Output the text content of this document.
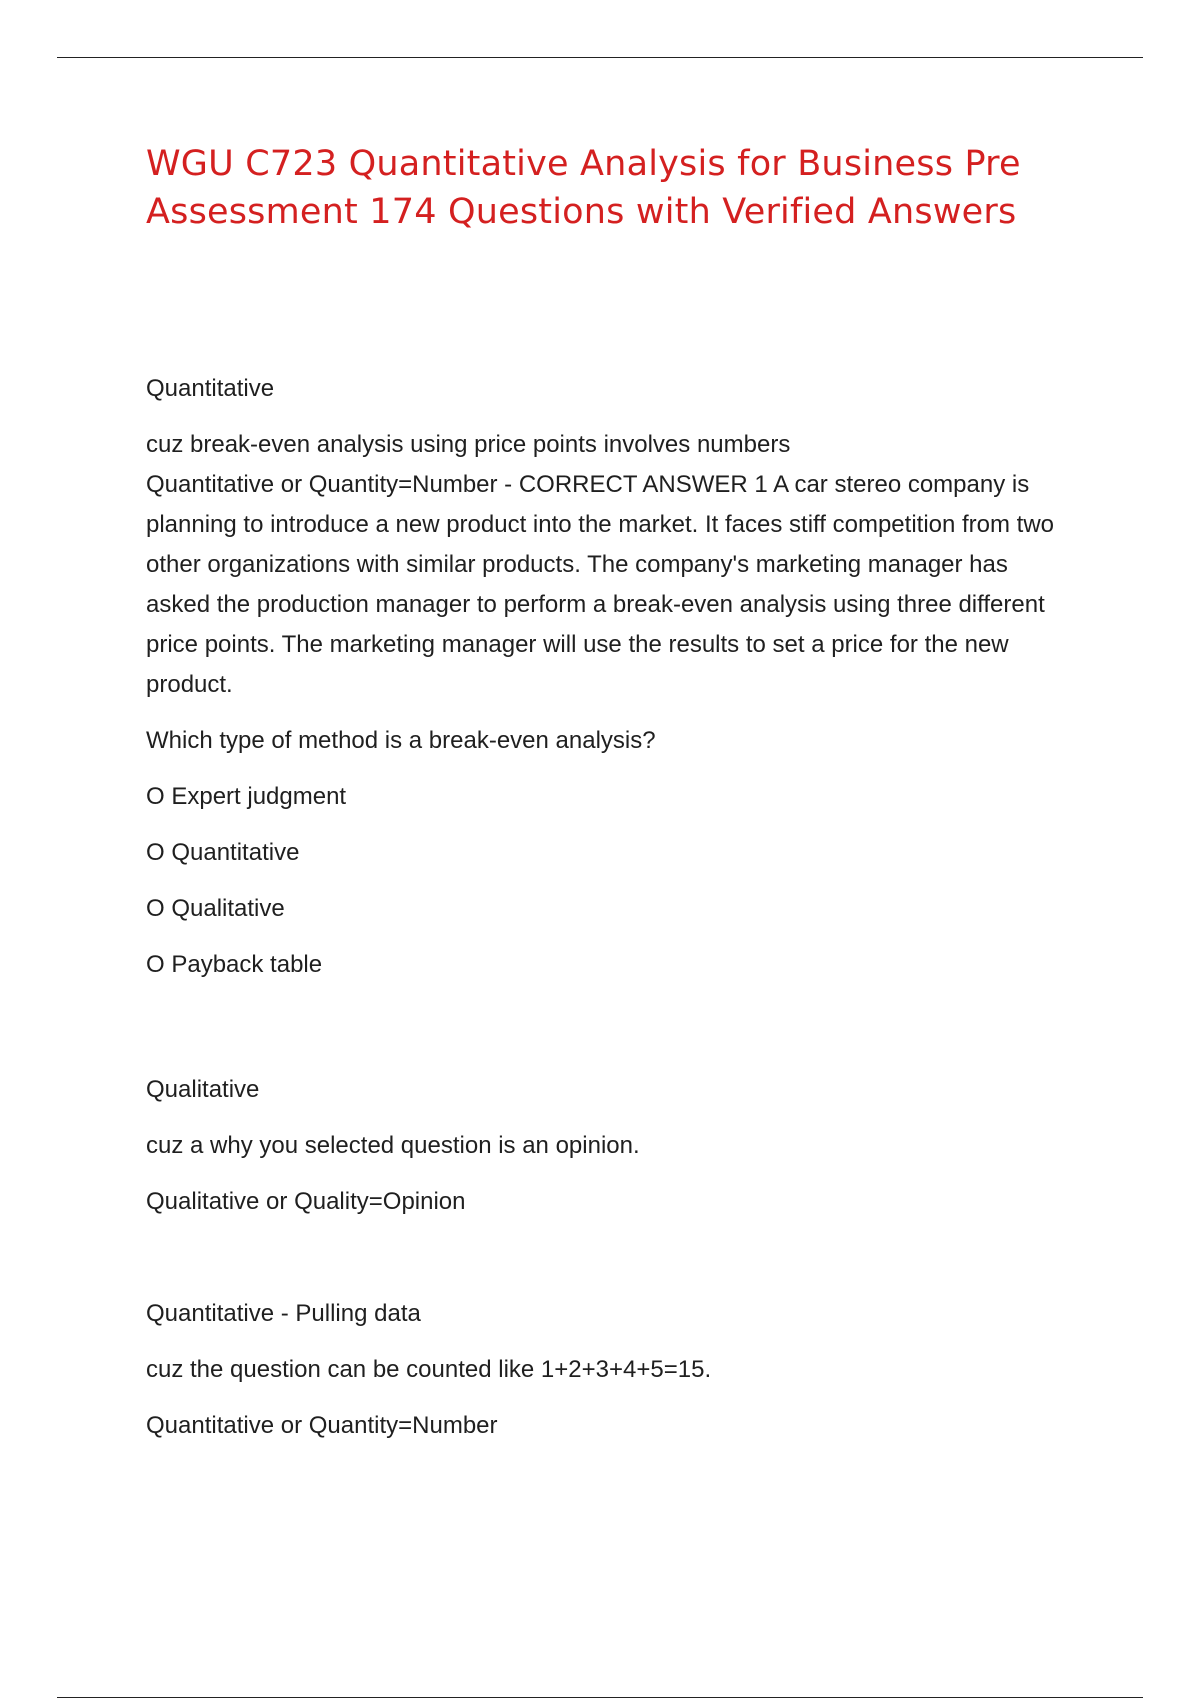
WGU C723 Quantitative Analysis for Business Pre Assessment 174 Questions with Verified Answers

Quantitative

cuz break-even analysis using price points involves numbers

Quantitative or Quantity=Number - CORRECT ANSWER 1 A car stereo company is planning to introduce a new product into the market. It faces stiff competition from two other organizations with similar products. The company's marketing manager has asked the production manager to perform a break-even analysis using three different price points. The marketing manager will use the results to set a price for the new product.

Which type of method is a break-even analysis?

O Expert judgment

O Quantitative

O Qualitative

O Payback table

Qualitative

cuz a why you selected question is an opinion.

Qualitative or Quality=Opinion

Quantitative - Pulling data

cuz the question can be counted like 1+2+3+4+5=15.

Quantitative or Quantity=Number
